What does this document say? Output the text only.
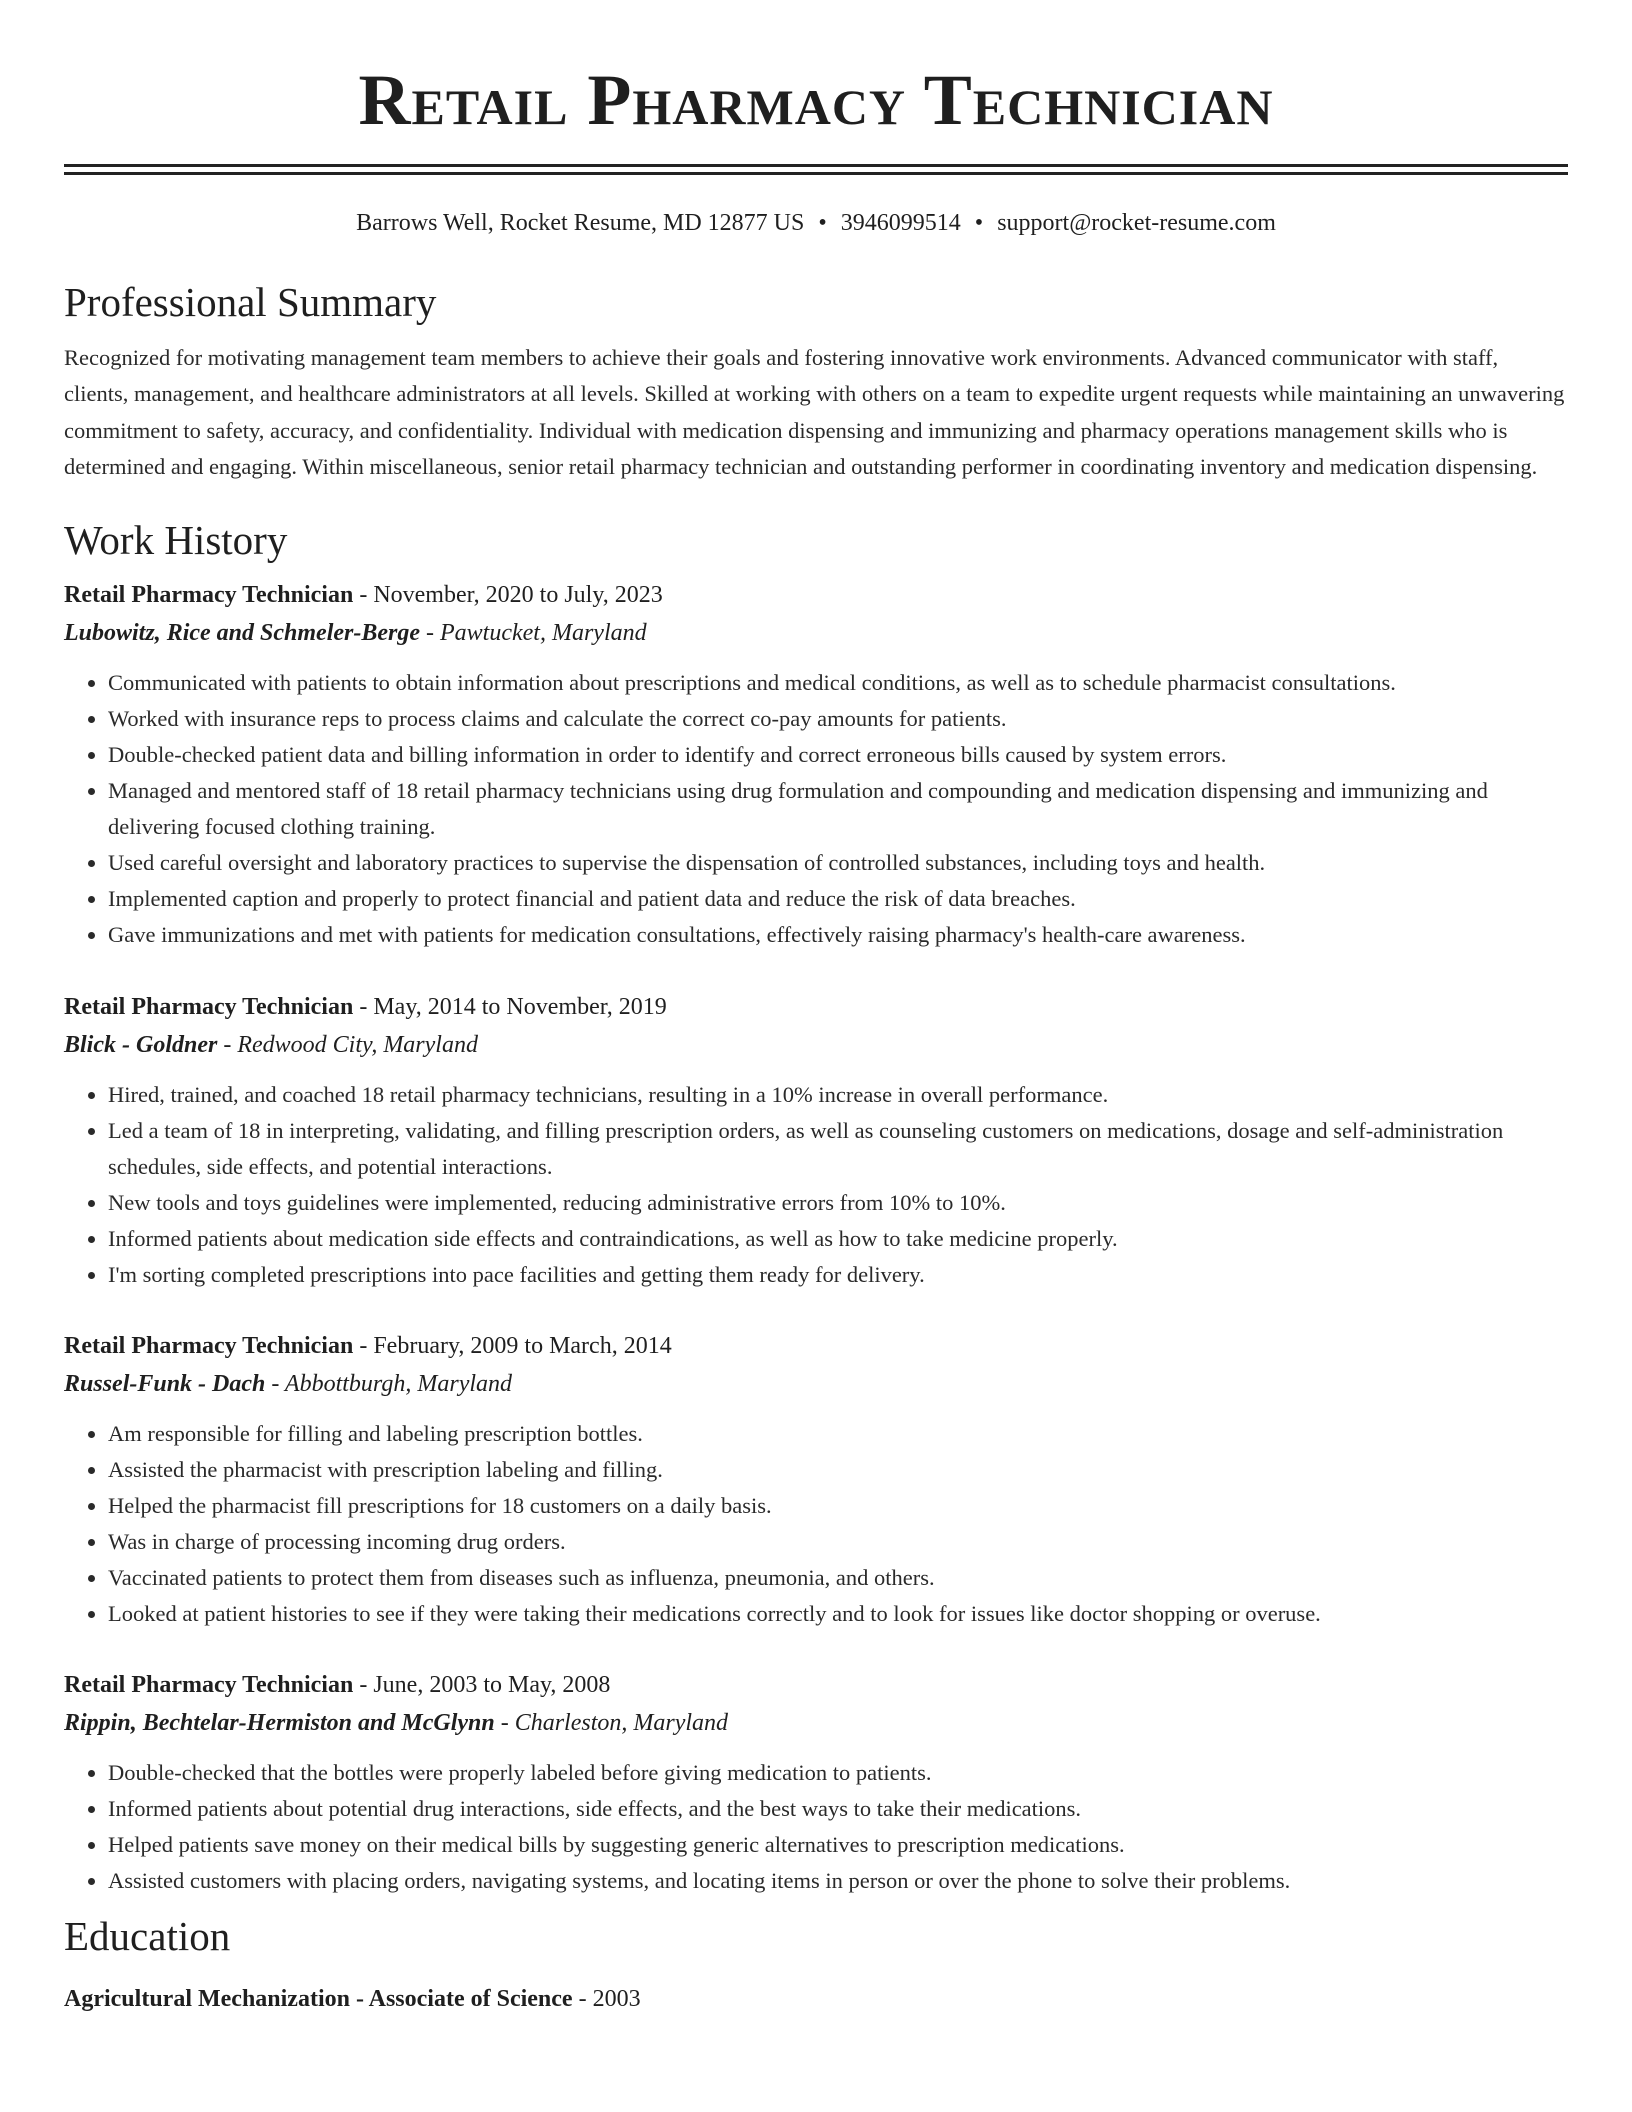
Retail Pharmacy Technician
Barrows Well, Rocket Resume, MD 12877 US • 3946099514 • support@rocket-resume.com
Professional Summary

Recognized for motivating management team members to achieve their goals and fostering innovative work environments. Advanced communicator with staff, clients, management, and healthcare administrators at all levels. Skilled at working with others on a team to expedite urgent requests while maintaining an unwavering commitment to safety, accuracy, and confidentiality. Individual with medication dispensing and immunizing and pharmacy operations management skills who is determined and engaging. Within miscellaneous, senior retail pharmacy technician and outstanding performer in coordinating inventory and medication dispensing.

Work History
Retail Pharmacy Technician - November, 2020 to July, 2023
Lubowitz, Rice and Schmeler-Berge - Pawtucket, Maryland
• Communicated with patients to obtain information about prescriptions and medical conditions, as well as to schedule pharmacist consultations.
• Worked with insurance reps to process claims and calculate the correct co-pay amounts for patients.
• Double-checked patient data and billing information in order to identify and correct erroneous bills caused by system errors.
• Managed and mentored staff of 18 retail pharmacy technicians using drug formulation and compounding and medication dispensing and immunizing and delivering focused clothing training.
• Used careful oversight and laboratory practices to supervise the dispensation of controlled substances, including toys and health.
• Implemented caption and properly to protect financial and patient data and reduce the risk of data breaches.
• Gave immunizations and met with patients for medication consultations, effectively raising pharmacy's health-care awareness.
Retail Pharmacy Technician - May, 2014 to November, 2019
Blick - Goldner - Redwood City, Maryland
• Hired, trained, and coached 18 retail pharmacy technicians, resulting in a 10% increase in overall performance.
• Led a team of 18 in interpreting, validating, and filling prescription orders, as well as counseling customers on medications, dosage and self-administration schedules, side effects, and potential interactions.
• New tools and toys guidelines were implemented, reducing administrative errors from 10% to 10%.
• Informed patients about medication side effects and contraindications, as well as how to take medicine properly.
• I'm sorting completed prescriptions into pace facilities and getting them ready for delivery.
Retail Pharmacy Technician - February, 2009 to March, 2014
Russel-Funk - Dach - Abbottburgh, Maryland
• Am responsible for filling and labeling prescription bottles.
• Assisted the pharmacist with prescription labeling and filling.
• Helped the pharmacist fill prescriptions for 18 customers on a daily basis.
• Was in charge of processing incoming drug orders.
• Vaccinated patients to protect them from diseases such as influenza, pneumonia, and others.
• Looked at patient histories to see if they were taking their medications correctly and to look for issues like doctor shopping or overuse.
Retail Pharmacy Technician - June, 2003 to May, 2008
Rippin, Bechtelar-Hermiston and McGlynn - Charleston, Maryland
• Double-checked that the bottles were properly labeled before giving medication to patients.
• Informed patients about potential drug interactions, side effects, and the best ways to take their medications.
• Helped patients save money on their medical bills by suggesting generic alternatives to prescription medications.
• Assisted customers with placing orders, navigating systems, and locating items in person or over the phone to solve their problems.
Education
Agricultural Mechanization - Associate of Science - 2003
